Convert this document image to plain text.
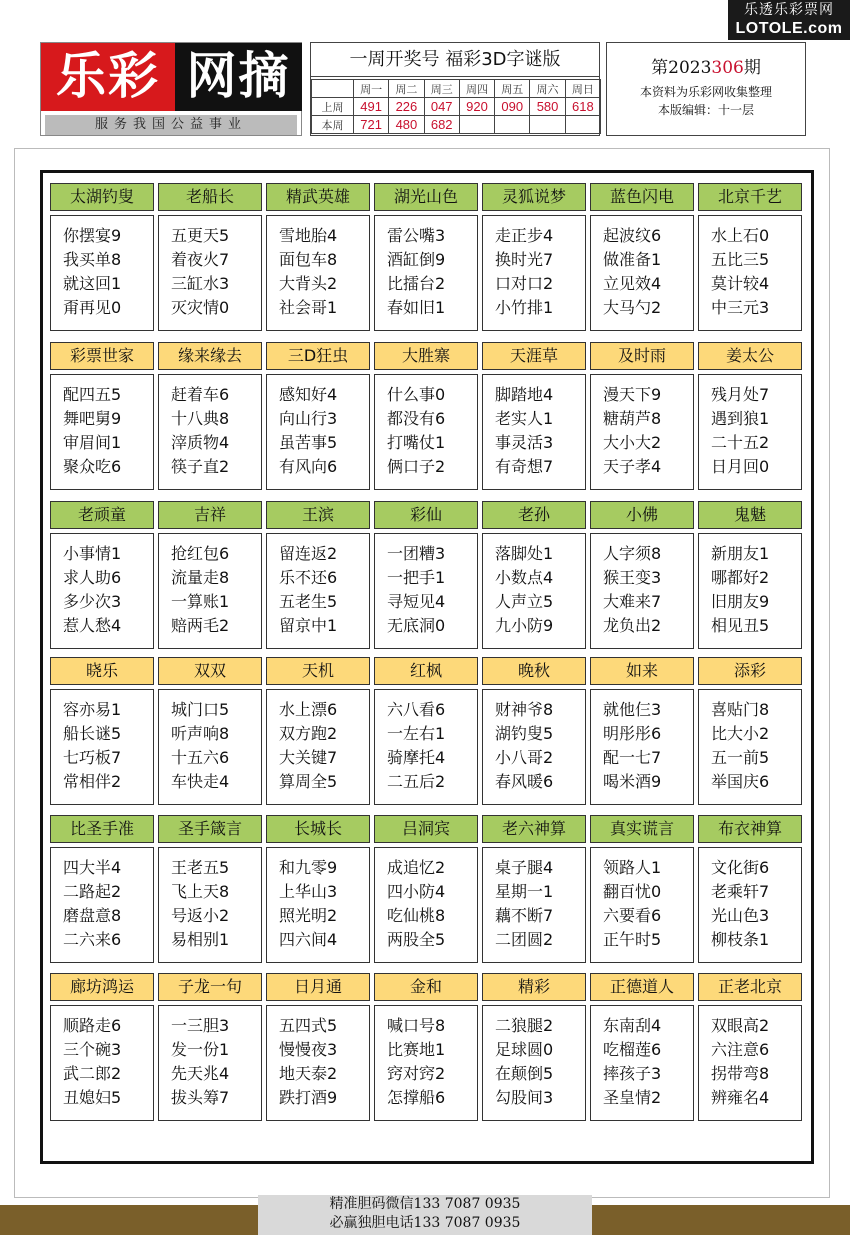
乐透乐彩票网
LOTOLE.com
乐彩 网摘
服务我国公益事业
一周开奖号 福彩3D字谜版
	周一	周二	周三	周四	周五	周六	周日
上周	491	226	047	920	090	580	618
本周	721	480	682				
第2023306期
本资料为乐彩网收集整理
本版编辑：十一层
太湖钓叟
你摆宴9
我买单8
就这回1
甭再见0
老船长
五更天5
着夜火7
三缸水3
灭灾情0
精武英雄
雪地胎4
面包车8
大背头2
社会哥1
湖光山色
雷公嘴3
酒缸倒9
比擂台2
春如旧1
灵狐说梦
走正步4
换时光7
口对口2
小竹排1
蓝色闪电
起波纹6
做准备1
立见效4
大马勺2
北京千艺
水上石0
五比三5
莫计较4
中三元3
彩票世家
配四五5
舞吧舅9
审眉间1
聚众吃6
缘来缘去
赶着车6
十八典8
滓质物4
筷子直2
三D狂虫
感知好4
向山行3
虽苦事5
有风向6
大胜寨
什么事0
都没有6
打嘴仗1
俩口子2
天涯草
脚踏地4
老实人1
事灵活3
有奇想7
及时雨
漫天下9
糖葫芦8
大小大2
天子孝4
姜太公
残月处7
遇到狼1
二十五2
日月回0
老顽童
小事情1
求人助6
多少次3
惹人愁4
吉祥
抢红包6
流量走8
一算账1
赔两毛2
王滨
留连返2
乐不还6
五老生5
留京中1
彩仙
一团糟3
一把手1
寻短见4
无底洞0
老孙
落脚处1
小数点4
人声立5
九小防9
小佛
人字须8
猴王变3
大难来7
龙负出2
鬼魅
新朋友1
哪都好2
旧朋友9
相见丑5
晓乐
容亦易1
船长谜5
七巧板7
常相伴2
双双
城门口5
听声响8
十五六6
车快走4
天机
水上漂6
双方跑2
大关键7
算周全5
红枫
六八看6
一左右1
骑摩托4
二五后2
晚秋
财神爷8
湖钓叟5
小八哥2
春风暖6
如来
就他仨3
明彤彤6
配一七7
喝米酒9
添彩
喜贴门8
比大小2
五一前5
举国庆6
比圣手准
四大半4
二路起2
磨盘意8
二六来6
圣手箴言
王老五5
飞上天8
号返小2
易相别1
长城长
和九零9
上华山3
照光明2
四六间4
吕洞宾
成追忆2
四小防4
吃仙桃8
两股全5
老六神算
桌子腿4
星期一1
藕不断7
二团圆2
真实谎言
领路人1
翻百忧0
六要看6
正午时5
布衣神算
文化街6
老乘轩7
光山色3
柳枝条1
廊坊鸿运
顺路走6
三个碗3
武二郎2
丑媳妇5
子龙一句
一三胆3
发一份1
先天兆4
拔头筹7
日月通
五四式5
慢慢夜3
地天泰2
跌打酒9
金和
喊口号8
比赛地1
窍对窍2
怎撑船6
精彩
二狼腿2
足球圆0
在颠倒5
勾股间3
正德道人
东南刮4
吃榴莲6
摔孩子3
圣皇情2
正老北京
双眼高2
六注意6
拐带弯8
辨雍名4
精准胆码微信133 7087 0935
必赢独胆电话133 7087 0935
